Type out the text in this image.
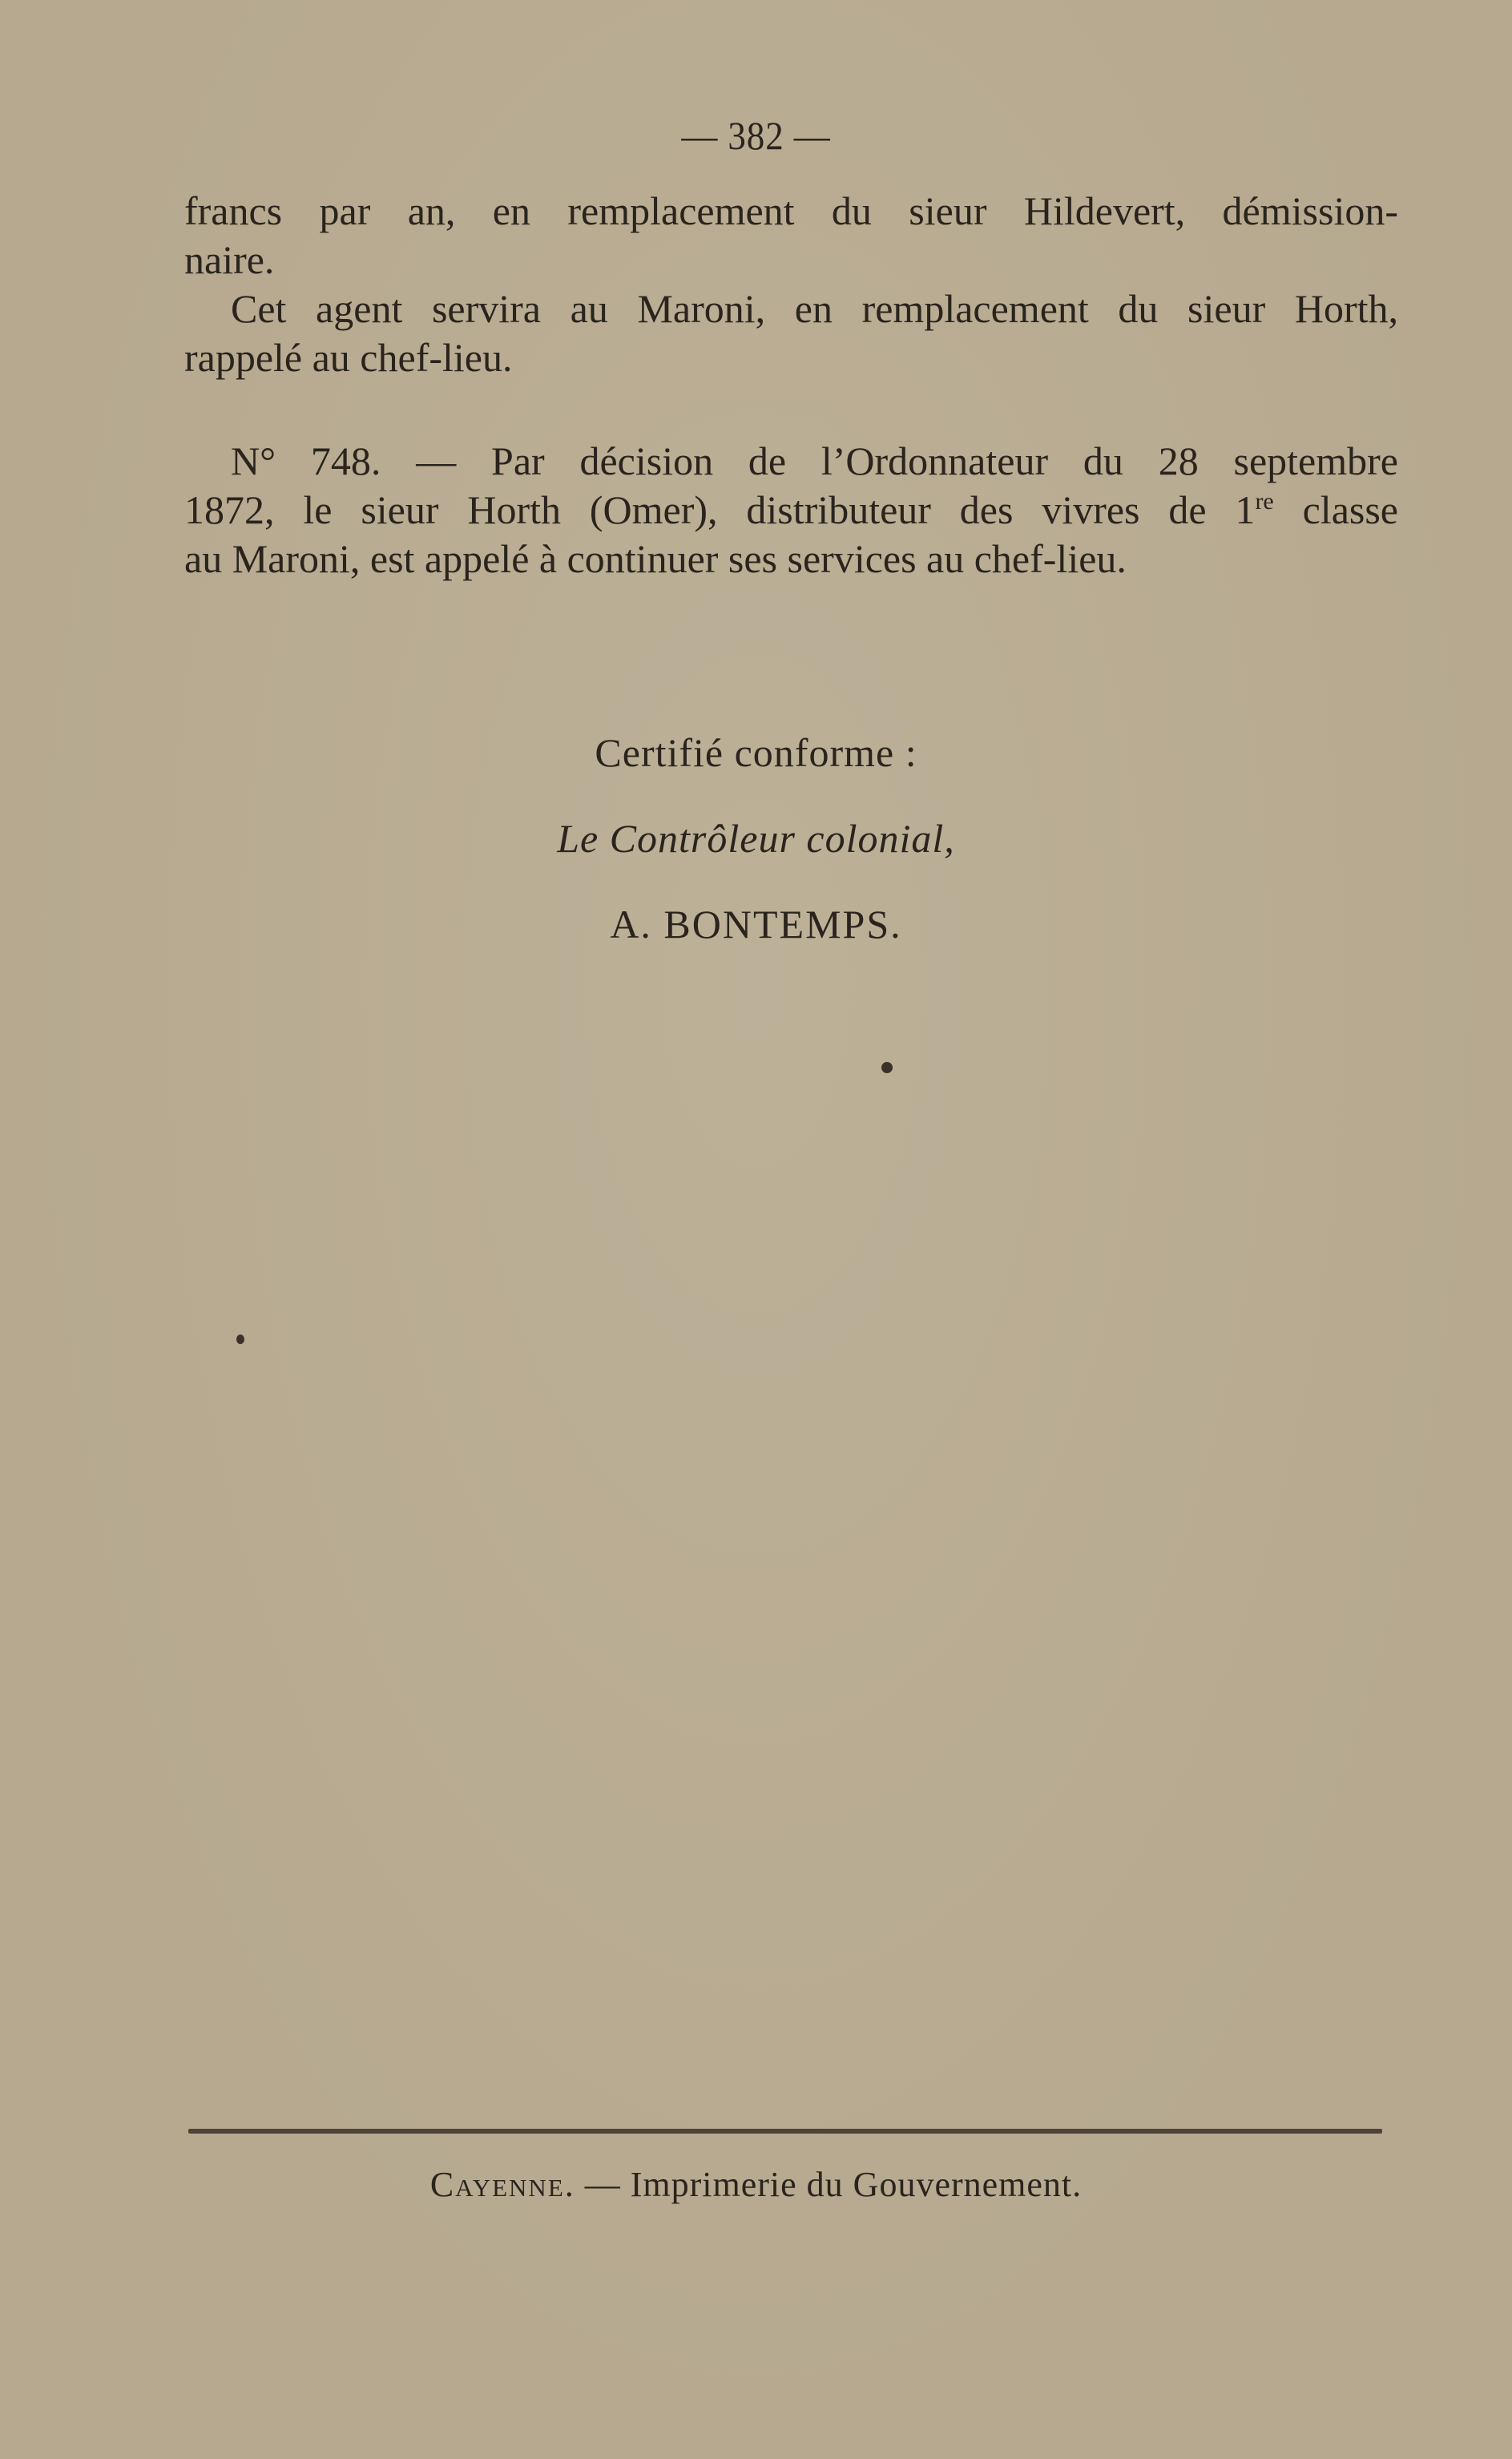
— 382 —
francs par an, en remplacement du sieur Hildevert, démission-
naire.
Cet agent servira au Maroni, en remplacement du sieur Horth,
rappelé au chef-lieu.
N° 748. — Par décision de l’Ordonnateur du 28 septembre
1872, le sieur Horth (Omer), distributeur des vivres de 1re classe
au Maroni, est appelé à continuer ses services au chef-lieu.
Certifié conforme :
Le Contrôleur colonial,
A. BONTEMPS.
Cayenne. — Imprimerie du Gouvernement.
